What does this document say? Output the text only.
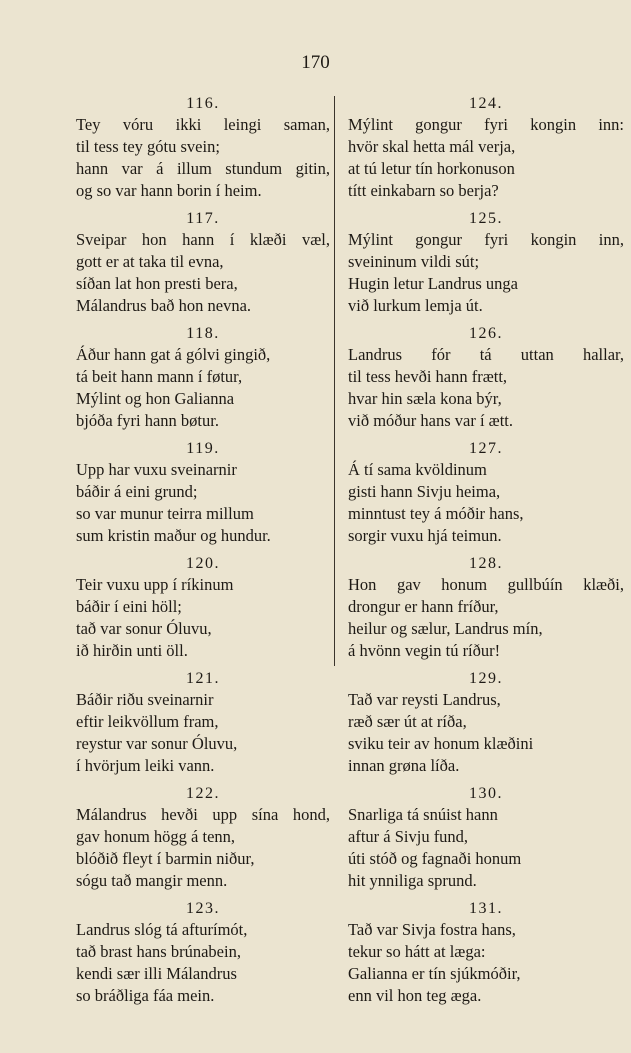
170
116.
Tey vóru ikki leingi saman,
til tess tey gótu svein;
hann var á illum stundum gitin,
og so var hann borin í heim.
117.
Sveipar hon hann í klæði væl,
gott er at taka til evna,
síðan lat hon presti bera,
Málandrus bað hon nevna.
118.
Áður hann gat á gólvi gingið,
tá beit hann mann í føtur,
Mýlint og hon Galianna
bjóða fyri hann bøtur.
119.
Upp har vuxu sveinarnir
báðir á eini grund;
so var munur teirra millum
sum kristin maður og hundur.
120.
Teir vuxu upp í ríkinum
báðir í eini höll;
tað var sonur Óluvu,
ið hirðin unti öll.
121.
Báðir riðu sveinarnir
eftir leikvöllum fram,
reystur var sonur Óluvu,
í hvörjum leiki vann.
122.
Málandrus hevði upp sína hond,
gav honum högg á tenn,
blóðið fleyt í barmin niður,
sógu tað mangir menn.
123.
Landrus slóg tá afturímót,
tað brast hans brúnabein,
kendi sær illi Málandrus
so bráðliga fáa mein.
124.
Mýlint gongur fyri kongin inn:
hvör skal hetta mál verja,
at tú letur tín horkonuson
títt einkabarn so berja?
125.
Mýlint gongur fyri kongin inn,
sveininum vildi sút;
Hugin letur Landrus unga
við lurkum lemja út.
126.
Landrus fór tá uttan hallar,
til tess hevði hann frætt,
hvar hin sæla kona býr,
við móður hans var í ætt.
127.
Á tí sama kvöldinum
gisti hann Sivju heima,
minntust tey á móðir hans,
sorgir vuxu hjá teimun.
128.
Hon gav honum gullbúín klæði,
drongur er hann fríður,
heilur og sælur, Landrus mín,
á hvönn vegin tú ríður!
129.
Tað var reysti Landrus,
ræð sær út at ríða,
sviku teir av honum klæðini
innan grøna líða.
130.
Snarliga tá snúist hann
aftur á Sivju fund,
úti stóð og fagnaði honum
hit ynniliga sprund.
131.
Tað var Sivja fostra hans,
tekur so hátt at læga:
Galianna er tín sjúkmóðir,
enn vil hon teg æga.
